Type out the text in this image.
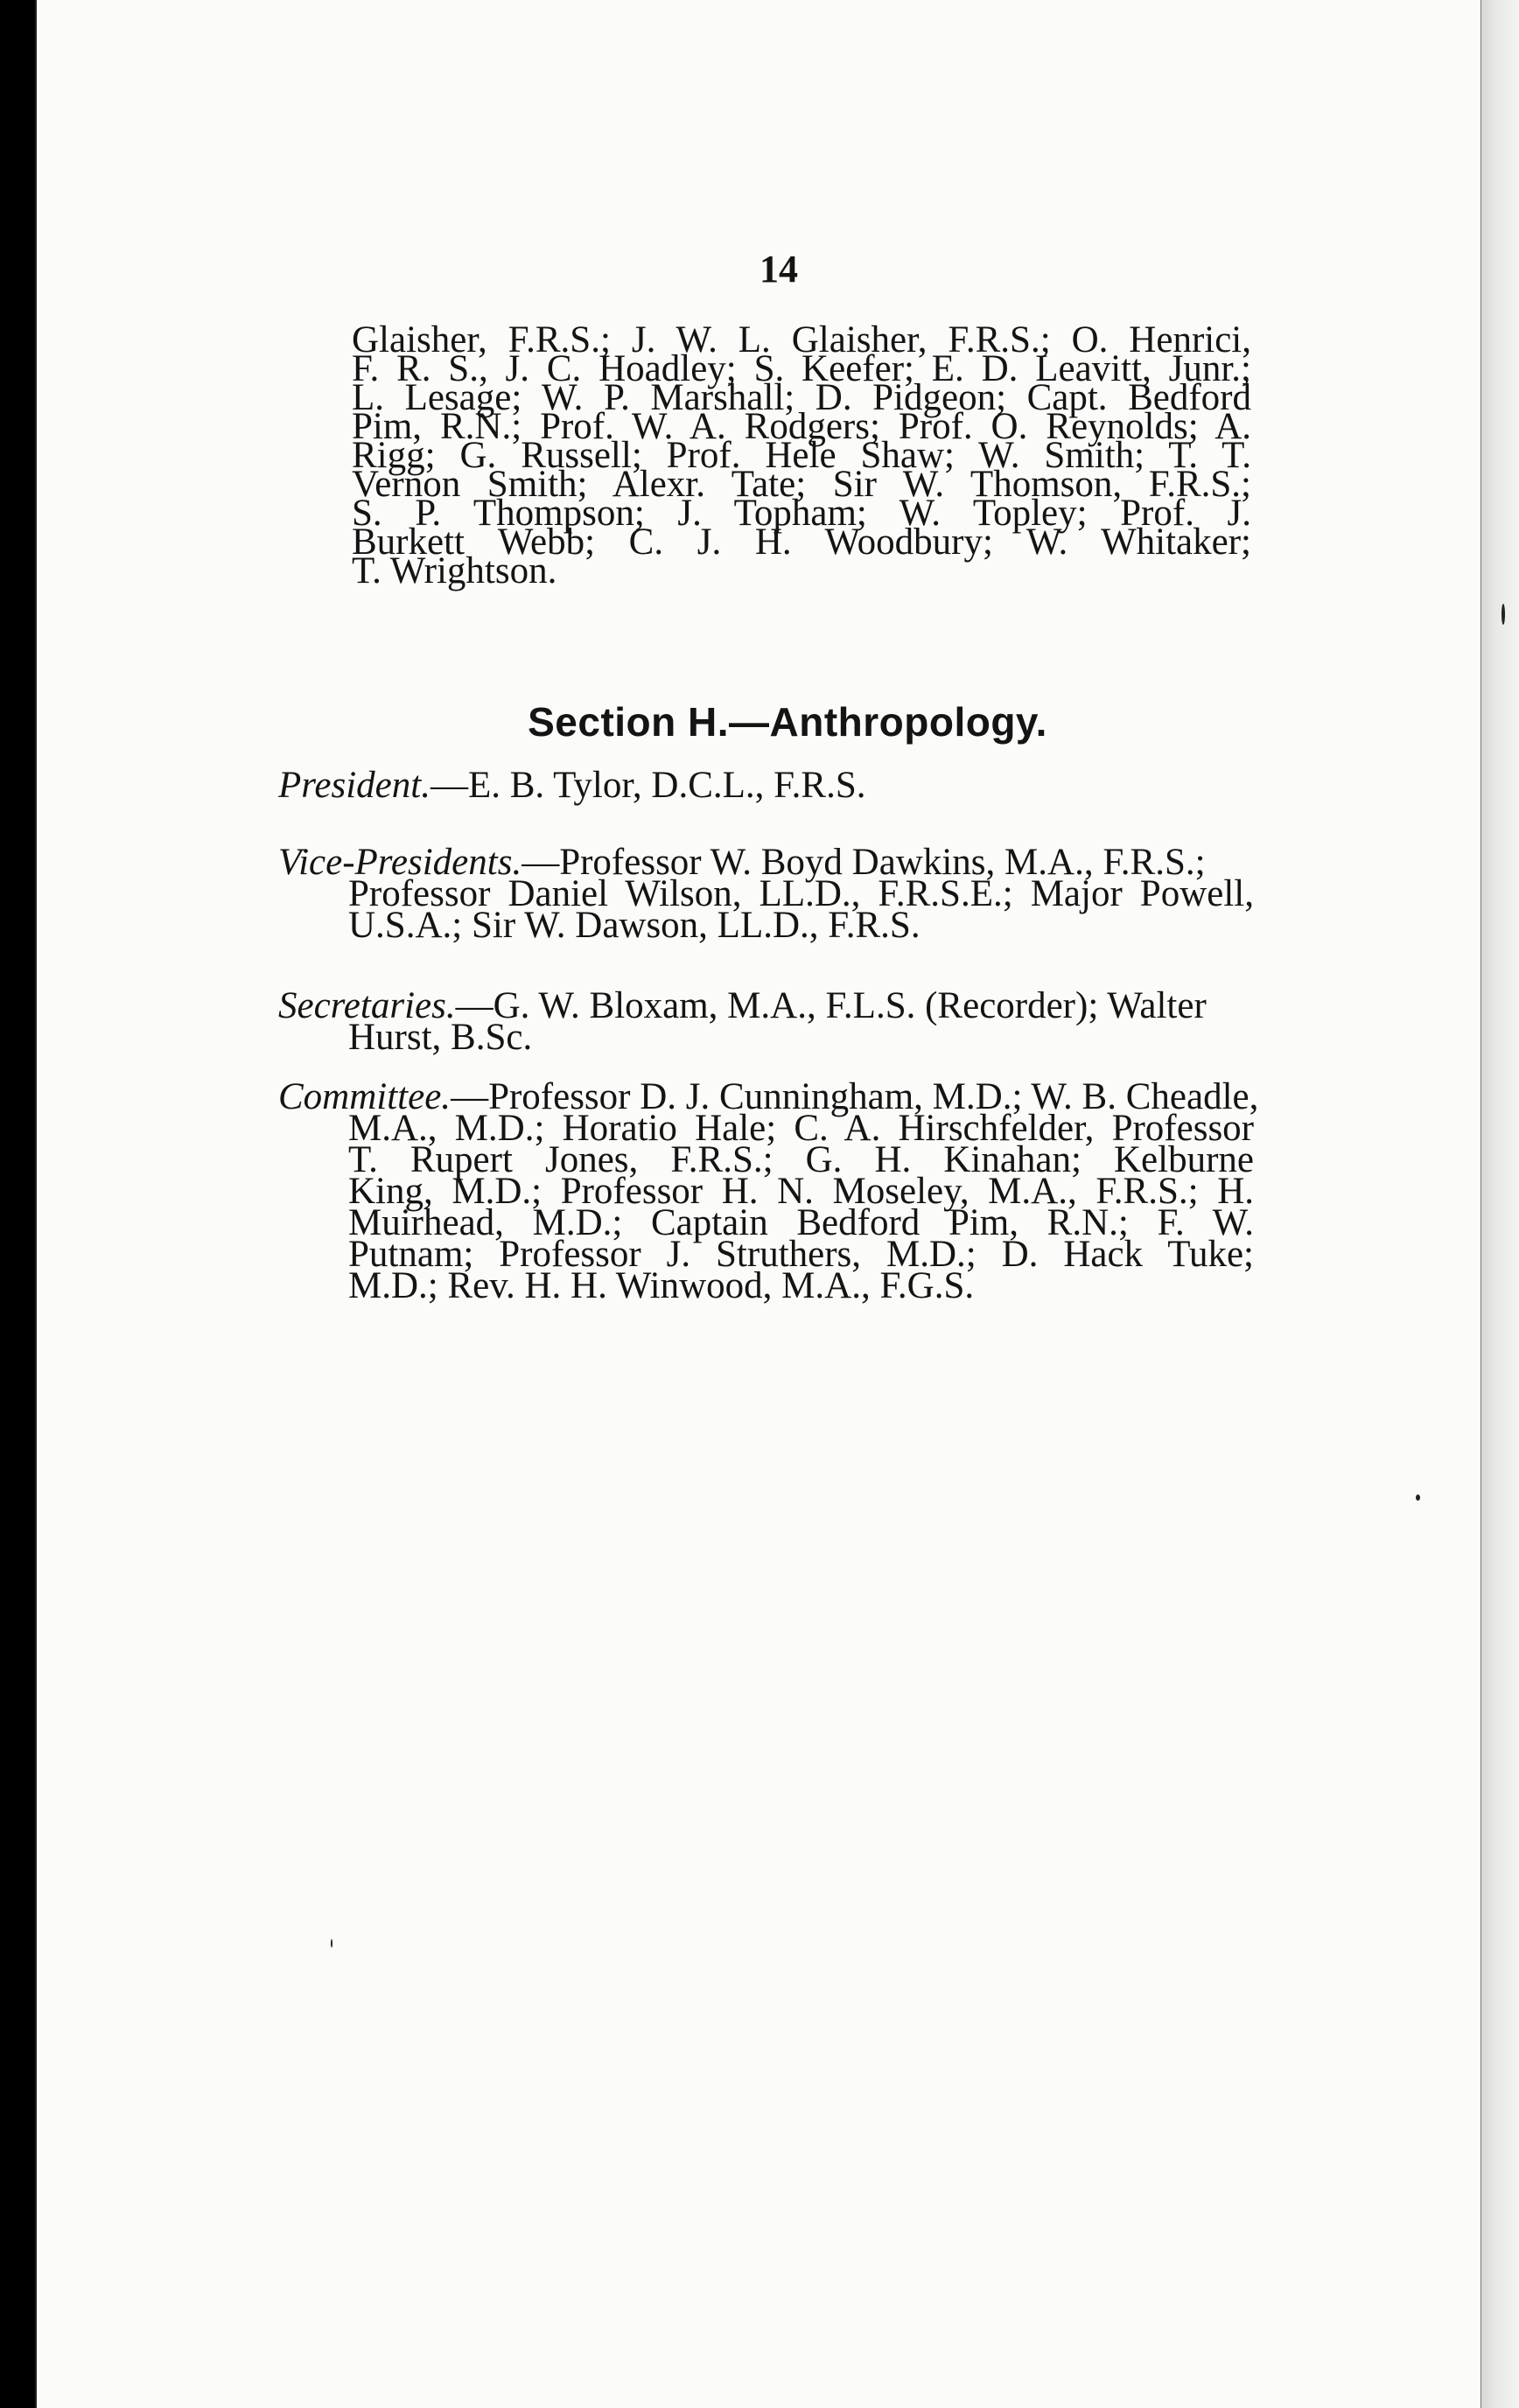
14
Glaisher, F.R.S.; J. W. L. Glaisher, F.R.S.; O. Henrici,
F. R. S., J. C. Hoadley; S. Keefer; E. D. Leavitt, Junr.;
L. Lesage; W. P. Marshall; D. Pidgeon; Capt. Bedford
Pim, R.N.; Prof. W. A. Rodgers; Prof. O. Reynolds; A.
Rigg; G. Russell; Prof. Hele Shaw; W. Smith; T. T.
Vernon Smith; Alexr. Tate; Sir W. Thomson, F.R.S.;
S. P. Thompson; J. Topham; W. Topley; Prof. J.
Burkett Webb; C. J. H. Woodbury; W. Whitaker;
T. Wrightson.
Section H.—Anthropology.
President.—E. B. Tylor, D.C.L., F.R.S.
Vice-Presidents.—Professor W. Boyd Dawkins, M.A., F.R.S.;
Professor Daniel Wilson, LL.D., F.R.S.E.; Major Powell,
U.S.A.; Sir W. Dawson, LL.D., F.R.S.
Secretaries.—G. W. Bloxam, M.A., F.L.S. (Recorder); Walter
Hurst, B.Sc.
Committee.—Professor D. J. Cunningham, M.D.; W. B. Cheadle,
M.A., M.D.; Horatio Hale; C. A. Hirschfelder, Professor
T. Rupert Jones, F.R.S.; G. H. Kinahan; Kelburne
King, M.D.; Professor H. N. Moseley, M.A., F.R.S.; H.
Muirhead, M.D.; Captain Bedford Pim, R.N.; F. W.
Putnam; Professor J. Struthers, M.D.; D. Hack Tuke;
M.D.; Rev. H. H. Winwood, M.A., F.G.S.
